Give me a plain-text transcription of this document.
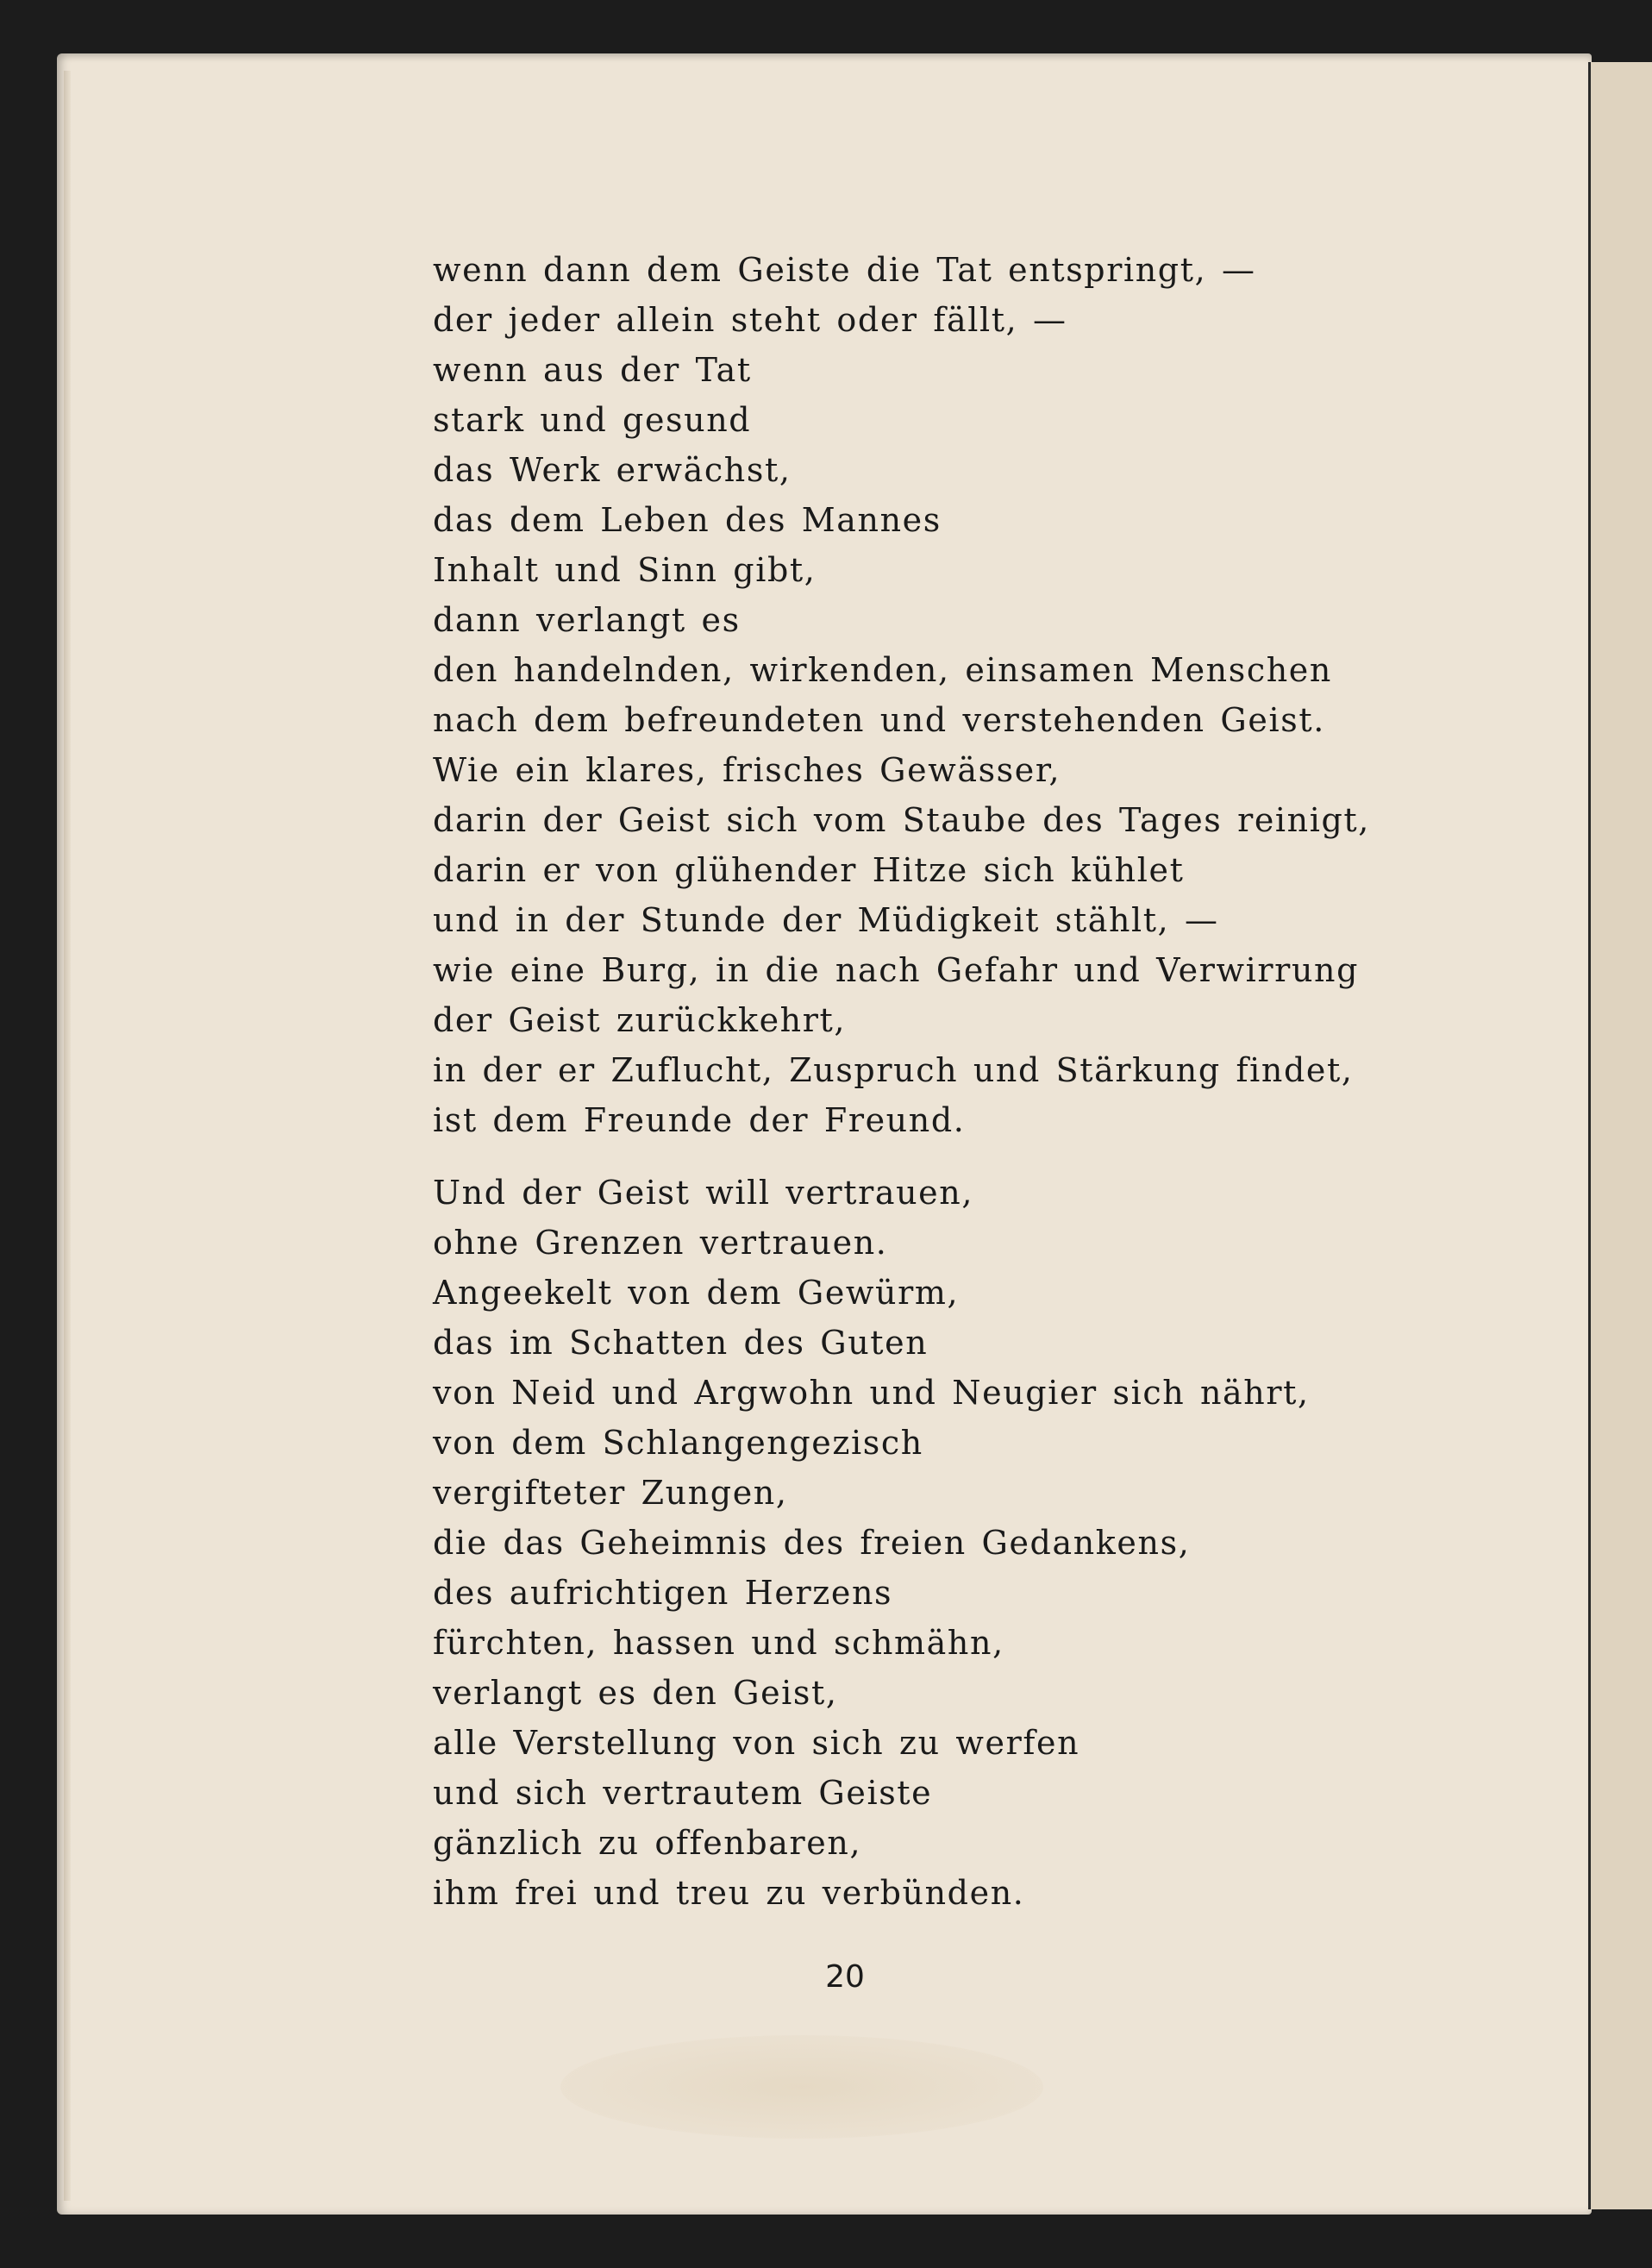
wenn dann dem Geiste die Tat entspringt, —
der jeder allein steht oder fällt, —
wenn aus der Tat
stark und gesund
das Werk erwächst,
das dem Leben des Mannes
Inhalt und Sinn gibt,
dann verlangt es
den handelnden, wirkenden, einsamen Menschen
nach dem befreundeten und verstehenden Geist.
Wie ein klares, frisches Gewässer,
darin der Geist sich vom Staube des Tages reinigt,
darin er von glühender Hitze sich kühlet
und in der Stunde der Müdigkeit stählt, —
wie eine Burg, in die nach Gefahr und Verwirrung
der Geist zurückkehrt,
in der er Zuflucht, Zuspruch und Stärkung findet,
ist dem Freunde der Freund.
Und der Geist will vertrauen,
ohne Grenzen vertrauen.
Angeekelt von dem Gewürm,
das im Schatten des Guten
von Neid und Argwohn und Neugier sich nährt,
von dem Schlangengezisch
vergifteter Zungen,
die das Geheimnis des freien Gedankens,
des aufrichtigen Herzens
fürchten, hassen und schmähn,
verlangt es den Geist,
alle Verstellung von sich zu werfen
und sich vertrautem Geiste
gänzlich zu offenbaren,
ihm frei und treu zu verbünden.
20
